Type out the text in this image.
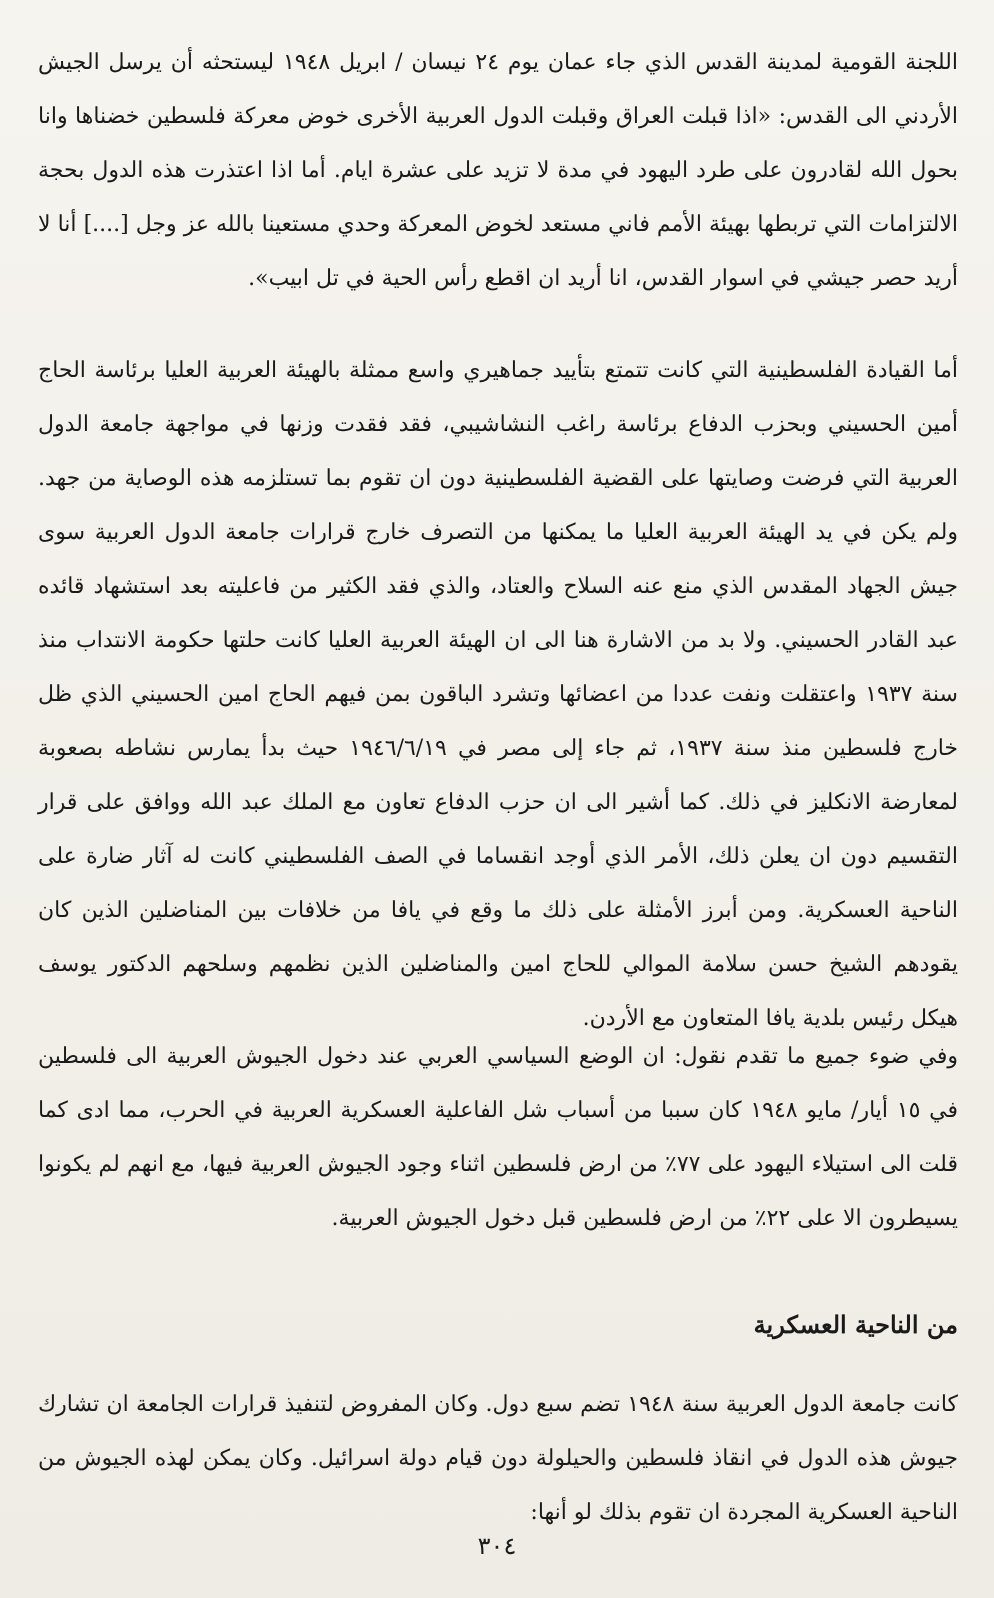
اللجنة القومية لمدينة القدس الذي جاء عمان يوم ٢٤ نيسان / ابريل ١٩٤٨ ليستحثه أن يرسل الجيش الأردني الى القدس: «اذا قبلت العراق وقبلت الدول العربية الأخرى خوض معركة فلسطين خضناها وانا بحول الله لقادرون على طرد اليهود في مدة لا تزيد على عشرة ايام. أما اذا اعتذرت هذه الدول بحجة الالتزامات التي تربطها بهيئة الأمم فاني مستعد لخوض المعركة وحدي مستعينا بالله عز وجل [....] أنا لا أريد حصر جيشي في اسوار القدس، انا أريد ان اقطع رأس الحية في تل ابيب».

أما القيادة الفلسطينية التي كانت تتمتع بتأييد جماهيري واسع ممثلة بالهيئة العربية العليا برئاسة الحاج أمين الحسيني وبحزب الدفاع برئاسة راغب النشاشيبي، فقد فقدت وزنها في مواجهة جامعة الدول العربية التي فرضت وصايتها على القضية الفلسطينية دون ان تقوم بما تستلزمه هذه الوصاية من جهد. ولم يكن في يد الهيئة العربية العليا ما يمكنها من التصرف خارج قرارات جامعة الدول العربية سوى جيش الجهاد المقدس الذي منع عنه السلاح والعتاد، والذي فقد الكثير من فاعليته بعد استشهاد قائده عبد القادر الحسيني. ولا بد من الاشارة هنا الى ان الهيئة العربية العليا كانت حلتها حكومة الانتداب منذ سنة ١٩٣٧ واعتقلت ونفت عددا من اعضائها وتشرد الباقون بمن فيهم الحاج امين الحسيني الذي ظل خارج فلسطين منذ سنة ١٩٣٧، ثم جاء إلى مصر في ١٩٤٦/٦/١٩ حيث بدأ يمارس نشاطه بصعوبة لمعارضة الانكليز في ذلك. كما أشير الى ان حزب الدفاع تعاون مع الملك عبد الله ووافق على قرار التقسيم دون ان يعلن ذلك، الأمر الذي أوجد انقساما في الصف الفلسطيني كانت له آثار ضارة على الناحية العسكرية. ومن أبرز الأمثلة على ذلك ما وقع في يافا من خلافات بين المناضلين الذين كان يقودهم الشيخ حسن سلامة الموالي للحاج امين والمناضلين الذين نظمهم وسلحهم الدكتور يوسف هيكل رئيس بلدية يافا المتعاون مع الأردن.

وفي ضوء جميع ما تقدم نقول: ان الوضع السياسي العربي عند دخول الجيوش العربية الى فلسطين في ١٥ أيار/ مايو ١٩٤٨ كان سببا من أسباب شل الفاعلية العسكرية العربية في الحرب، مما ادى كما قلت الى استيلاء اليهود على ٧٧٪ من ارض فلسطين اثناء وجود الجيوش العربية فيها، مع انهم لم يكونوا يسيطرون الا على ٢٢٪ من ارض فلسطين قبل دخول الجيوش العربية.

من الناحية العسكرية

كانت جامعة الدول العربية سنة ١٩٤٨ تضم سبع دول. وكان المفروض لتنفيذ قرارات الجامعة ان تشارك جيوش هذه الدول في انقاذ فلسطين والحيلولة دون قيام دولة اسرائيل. وكان يمكن لهذه الجيوش من الناحية العسكرية المجردة ان تقوم بذلك لو أنها:

٣٠٤
